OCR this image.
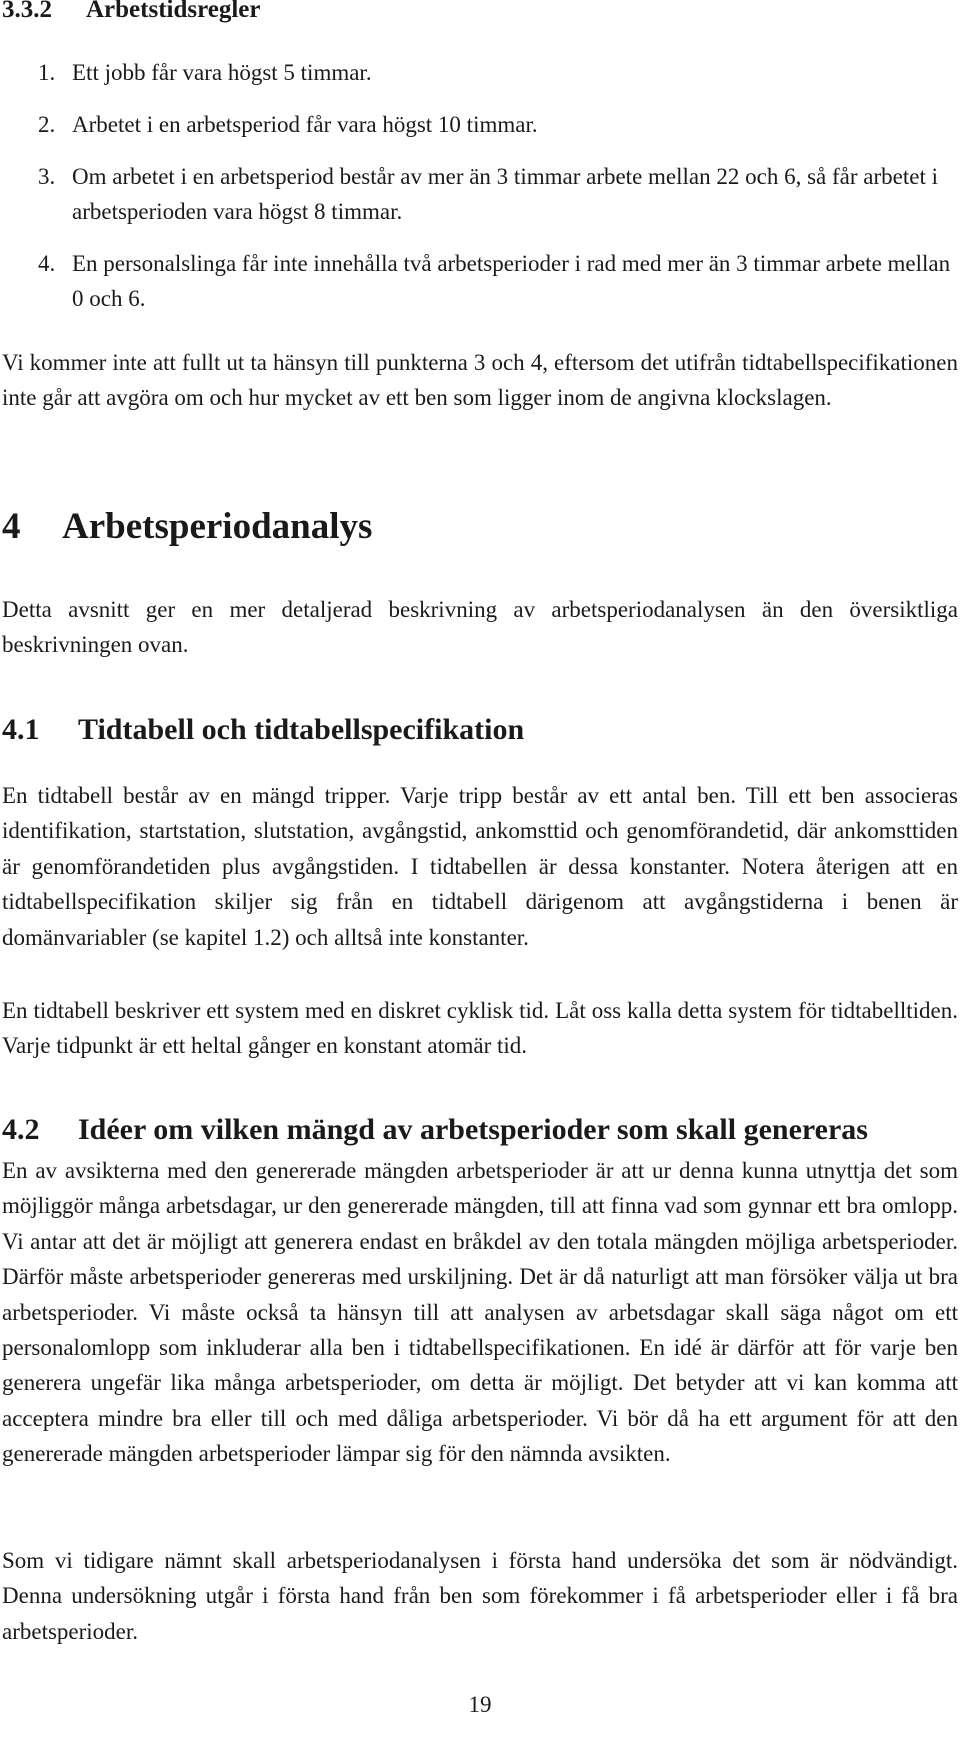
3.3.2 Arbetstidsregler
1. Ett jobb får vara högst 5 timmar.
2. Arbetet i en arbetsperiod får vara högst 10 timmar.
3. Om arbetet i en arbetsperiod består av mer än 3 timmar arbete mellan 22 och 6, så får arbetet i arbetsperioden vara högst 8 timmar.
4. En personalslinga får inte innehålla två arbetsperioder i rad med mer än 3 timmar arbete mellan 0 och 6.

Vi kommer inte att fullt ut ta hänsyn till punkterna 3 och 4, eftersom det utifrån tidtabellspecifikationen inte går att avgöra om och hur mycket av ett ben som ligger inom de angivna klockslagen.

4 Arbetsperiodanalys

Detta avsnitt ger en mer detaljerad beskrivning av arbetsperiodanalysen än den översiktliga beskrivningen ovan.

4.1 Tidtabell och tidtabellspecifikation

En tidtabell består av en mängd tripper. Varje tripp består av ett antal ben. Till ett ben associeras identifikation, startstation, slutstation, avgångstid, ankomsttid och genomförandetid, där ankomsttiden är genomförandetiden plus avgångstiden. I tidtabellen är dessa konstanter. Notera återigen att en tidtabellspecifikation skiljer sig från en tidtabell därigenom att avgångstiderna i benen är domänvariabler (se kapitel 1.2) och alltså inte konstanter.

En tidtabell beskriver ett system med en diskret cyklisk tid. Låt oss kalla detta system för tidtabelltiden. Varje tidpunkt är ett heltal gånger en konstant atomär tid.

4.2 Idéer om vilken mängd av arbetsperioder som skall genereras

En av avsikterna med den genererade mängden arbetsperioder är att ur denna kunna utnyttja det som möjliggör många arbetsdagar, ur den genererade mängden, till att finna vad som gynnar ett bra omlopp. Vi antar att det är möjligt att generera endast en bråkdel av den totala mängden möjliga arbetsperioder. Därför måste arbetsperioder genereras med urskiljning. Det är då naturligt att man försöker välja ut bra arbetsperioder. Vi måste också ta hänsyn till att analysen av arbetsdagar skall säga något om ett personalomlopp som inkluderar alla ben i tidtabellspecifikationen. En idé är därför att för varje ben generera ungefär lika många arbetsperioder, om detta är möjligt. Det betyder att vi kan komma att acceptera mindre bra eller till och med dåliga arbetsperioder. Vi bör då ha ett argument för att den genererade mängden arbetsperioder lämpar sig för den nämnda avsikten.

Som vi tidigare nämnt skall arbetsperiodanalysen i första hand undersöka det som är nödvändigt. Denna undersökning utgår i första hand från ben som förekommer i få arbetsperioder eller i få bra arbetsperioder.

19
